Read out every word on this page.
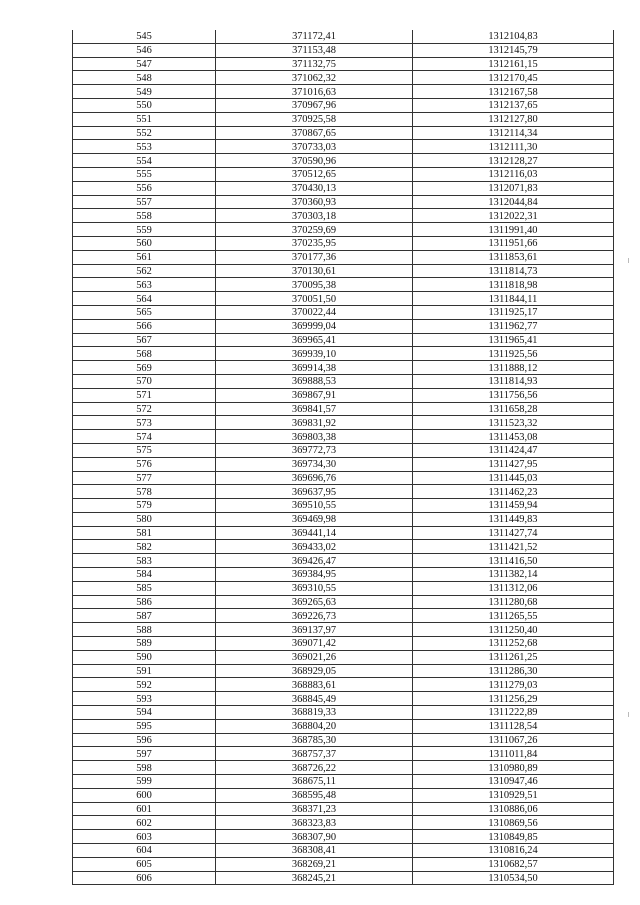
545	371172,41	1312104,83
546	371153,48	1312145,79
547	371132,75	1312161,15
548	371062,32	1312170,45
549	371016,63	1312167,58
550	370967,96	1312137,65
551	370925,58	1312127,80
552	370867,65	1312114,34
553	370733,03	1312111,30
554	370590,96	1312128,27
555	370512,65	1312116,03
556	370430,13	1312071,83
557	370360,93	1312044,84
558	370303,18	1312022,31
559	370259,69	1311991,40
560	370235,95	1311951,66
561	370177,36	1311853,61
562	370130,61	1311814,73
563	370095,38	1311818,98
564	370051,50	1311844,11
565	370022,44	1311925,17
566	369999,04	1311962,77
567	369965,41	1311965,41
568	369939,10	1311925,56
569	369914,38	1311888,12
570	369888,53	1311814,93
571	369867,91	1311756,56
572	369841,57	1311658,28
573	369831,92	1311523,32
574	369803,38	1311453,08
575	369772,73	1311424,47
576	369734,30	1311427,95
577	369696,76	1311445,03
578	369637,95	1311462,23
579	369510,55	1311459,94
580	369469,98	1311449,83
581	369441,14	1311427,74
582	369433,02	1311421,52
583	369426,47	1311416,50
584	369384,95	1311382,14
585	369310,55	1311312,06
586	369265,63	1311280,68
587	369226,73	1311265,55
588	369137,97	1311250,40
589	369071,42	1311252,68
590	369021,26	1311261,25
591	368929,05	1311286,30
592	368883,61	1311279,03
593	368845,49	1311256,29
594	368819,33	1311222,89
595	368804,20	1311128,54
596	368785,30	1311067,26
597	368757,37	1311011,84
598	368726,22	1310980,89
599	368675,11	1310947,46
600	368595,48	1310929,51
601	368371,23	1310886,06
602	368323,83	1310869,56
603	368307,90	1310849,85
604	368308,41	1310816,24
605	368269,21	1310682,57
606	368245,21	1310534,50
